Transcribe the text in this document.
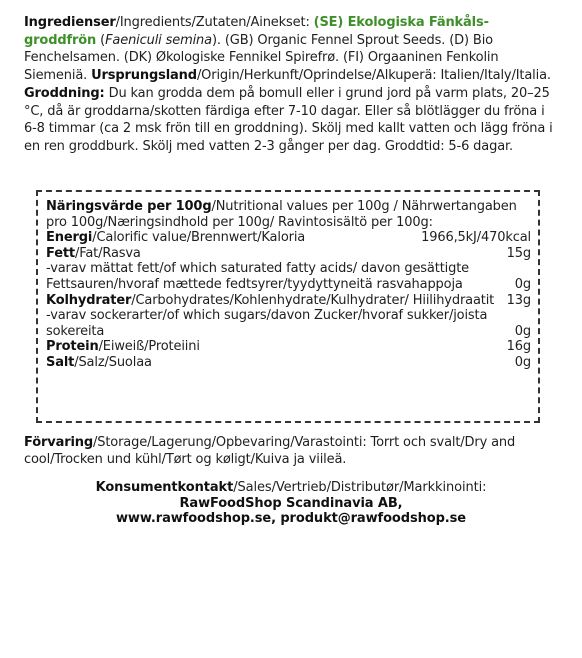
Ingredienser/Ingredients/Zutaten/Ainekset: (SE) Ekologiska Fänkåls-groddfrön (Faeniculi semina). (GB) Organic Fennel Sprout Seeds. (D) Bio Fenchelsamen. (DK) Økologiske Fennikel Spirefrø. (FI) Orgaaninen Fenkolin Siemeniä. Ursprungsland/Origin/Herkunft/Oprindelse/Alkuperä: Italien/Italy/Italia. Groddning: Du kan grodda dem på bomull eller i grund jord på varm plats, 20–25 °C, då är groddarna/skotten färdiga efter 7-10 dagar. Eller så blötlägger du fröna i 6-8 timmar (ca 2 msk frön till en groddning). Skölj med kallt vatten och lägg fröna i en ren groddburk. Skölj med vatten 2-3 gånger per dag. Groddtid: 5-6 dagar.
Näringsvärde per 100g/Nutritional values per 100g / Nährwertangaben pro 100g/Næringsindhold per 100g/ Ravintosisältö per 100g:
Energi/Calorific value/Brennwert/Kaloria	1966,5kJ/470kcal
Fett/Fat/Rasva	15g
-varav mättat fett/of which saturated fatty acids/ davon gesättigte Fettsauren/hvoraf mættede fedtsyrer/tyydyttyneitä rasvahappoja	0g
Kolhydrater/Carbohydrates/Kohlenhydrate/Kulhydrater/ Hiilihydraatit 13g
-varav sockerarter/of which sugars/davon Zucker/hvoraf sukker/joista sokereita	0g
Protein/Eiweiß/Proteiini	16g
Salt/Salz/Suolaa	0g
Förvaring/Storage/Lagerung/Opbevaring/Varastointi: Torrt och svalt/Dry and cool/Trocken und kühl/Tørt og køligt/Kuiva ja viileä.
Konsumentkontakt/Sales/Vertrieb/Distributør/Markkinointi:
RawFoodShop Scandinavia AB,
www.rawfoodshop.se, produkt@rawfoodshop.se
